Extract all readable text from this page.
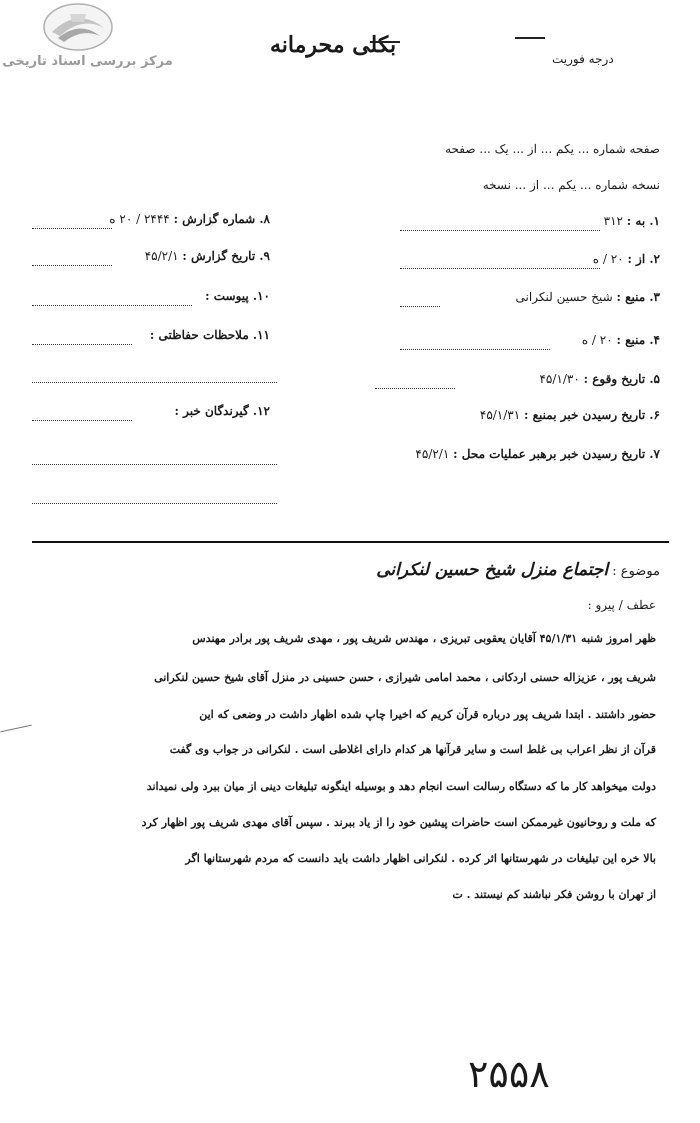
مرکز بررسی اسناد تاریخی
بکلی محرمانه
درجه فوریت
صفحه شماره ... یکم ... از ... یک ... صفحه
نسخه شماره ... یکم ... از ... نسخه
۱. به : ۳۱۲
۲. از : ۲۰ / ه
۳. منبع : شیخ حسین لنکرانی
۴. منبع : ۲۰ / ه
۵. تاریخ وقوع : ۴۵/۱/۳۰
۶. تاریخ رسیدن خبر بمنبع : ۴۵/۱/۳۱
۷. تاریخ رسیدن خبر برهبر عملیات محل : ۴۵/۲/۱
۸. شماره گزارش : ۲۴۴۴ / ۲۰ ه
۹. تاریخ گزارش : ۴۵/۲/۱
۱۰. پیوست :
۱۱. ملاحظات حفاظتی :
۱۲. گیرندگان خبر :
موضوع : اجتماع منزل شیخ حسین لنکرانی
عطف / پیرو :
ظهر امروز شنبه ۴۵/۱/۳۱ آقایان یعقوبی تبریزی ، مهندس شریف پور ، مهدی شریف پور برادر مهندس
شریف پور ، عزیزاله حسنی اردکانی ، محمد امامی شیرازی ، حسن حسینی در منزل آقای شیخ حسین لنکرانی
حضور داشتند . ابتدا شریف پور درباره قرآن کریم که اخیرا چاپ شده اظهار داشت در وضعی که این
قرآن از نظر اعراب بی غلط است و سایر قرآنها هر کدام دارای اغلاطی است . لنکرانی در جواب وی گفت
دولت میخواهد کار ما که دستگاه رسالت است انجام دهد و بوسیله اینگونه تبلیغات دینی از میان ببرد ولی نمیداند
که ملت و روحانیون غیرممکن است حاضرات پیشین خود را از یاد ببرند . سپس آقای مهدی شریف پور اظهار کرد
بالا خره این تبلیغات در شهرستانها اثر کرده . لنکرانی اظهار داشت باید دانست که مردم شهرستانها اگر
از تهران با روشن فکر نباشند کم نیستند . ت
۲۵۵۸
